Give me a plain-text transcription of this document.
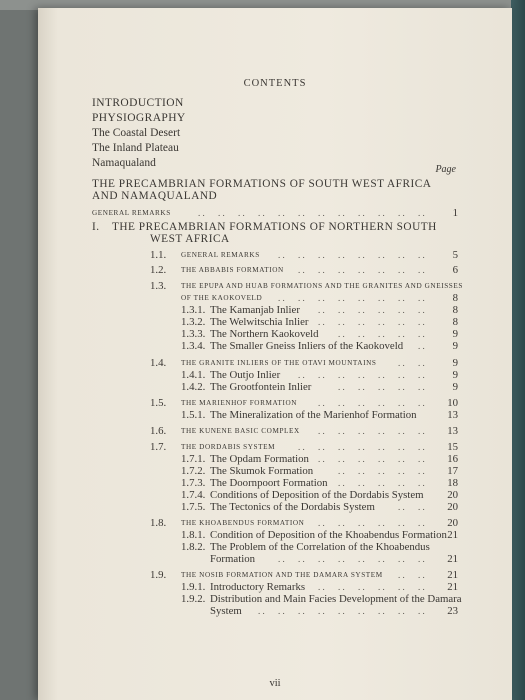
CONTENTS
INTRODUCTION
PHYSIOGRAPHY
The Coastal Desert
The Inland Plateau
Namaqualand
Page
THE PRECAMBRIAN FORMATIONS OF SOUTH WEST AFRICA
AND NAMAQUALAND
GENERAL REMARKS	1
I. THE PRECAMBRIAN FORMATIONS OF NORTHERN SOUTH
WEST AFRICA
1.1. GENERAL REMARKS	5
1.2. THE ABBABIS FORMATION	6
1.3. THE EPUPA AND HUAB FORMATIONS AND THE GRANITES AND GNEISSES
OF THE KAOKOVELD	8
1.3.1. The Kamanjab Inlier	8
1.3.2. The Welwitschia Inlier	8
1.3.3. The Northern Kaokoveld	9
1.3.4. The Smaller Gneiss Inliers of the Kaokoveld	9
1.4. THE GRANITE INLIERS OF THE OTAVI MOUNTAINS	9
1.4.1. The Outjo Inlier	9
1.4.2. The Grootfontein Inlier	9
1.5. THE MARIENHOF FORMATION	10
1.5.1. The Mineralization of the Marienhof Formation	13
1.6. THE KUNENE BASIC COMPLEX	13
1.7. THE DORDABIS SYSTEM	15
1.7.1. The Opdam Formation	16
1.7.2. The Skumok Formation	17
1.7.3. The Doornpoort Formation	18
1.7.4. Conditions of Deposition of the Dordabis System 20
1.7.5. The Tectonics of the Dordabis System	20
1.8. THE KHOABENDUS FORMATION	20
1.8.1. Condition of Deposition of the Khoabendus Formation 21
1.8.2. The Problem of the Correlation of the Khoabendus
Formation	21
1.9. THE NOSIB FORMATION AND THE DAMARA SYSTEM	21
1.9.1. Introductory Remarks	21
1.9.2. Distribution and Main Facies Development of the Damara
System	23
. . . . . . . . . . . . . . . . . . . . . . . .
. . . . . . . . . . . . . . . .
. . . . . . . . . . . . . .
. . . . . . . . . . . . . . . .
. . . . . . . . . . . .
. . . . . . . . . . . .
. . . . . . . . . .
. .
. . . .
. . . . . . . . . . . . . .
. . . . . . . . . .
. . . . . . . . . . . .
. . . . . . . . . . . .
. . . . . . . . . . . . . .
. . . . . . . . . . . .
. . . . . . . . . .
. . . . . . . . . .
. . . .
. . . . . . . . . . . .
. . . . . . . . . . . . . . . .
. . . .
. . . . . . . . . . . .
. . . . . . . . . . . . . . . . . .
vii
